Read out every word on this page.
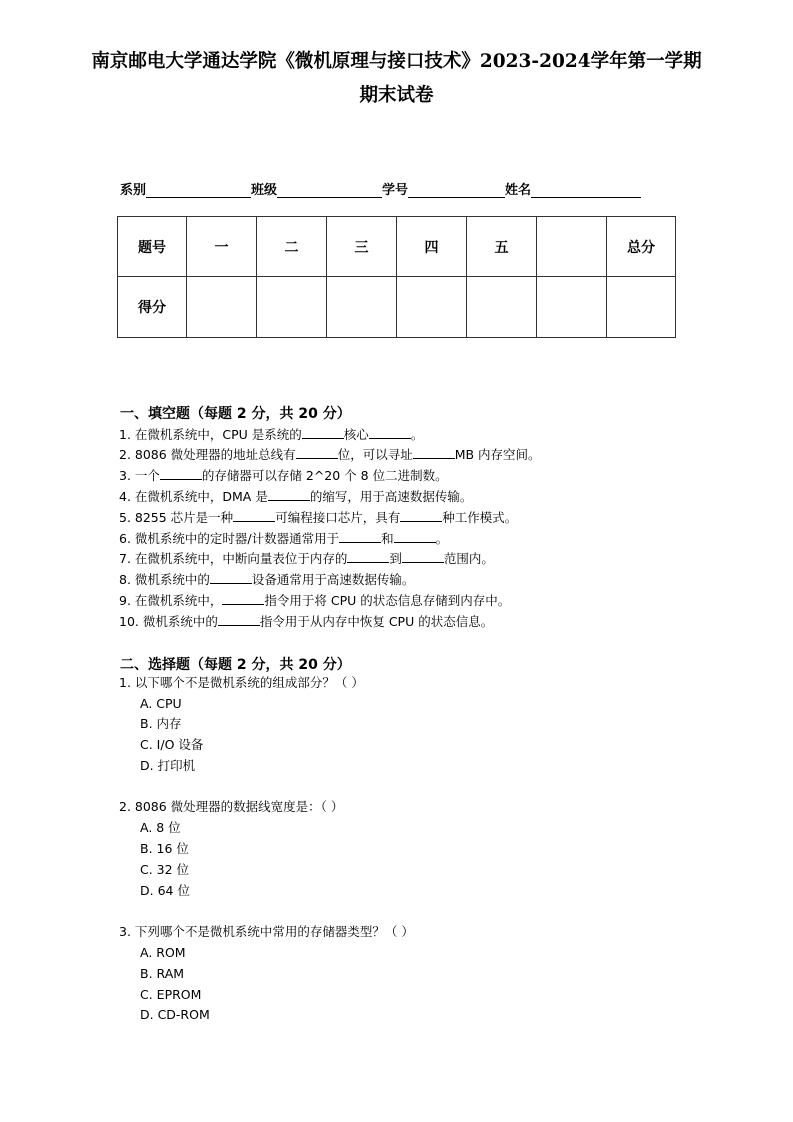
南京邮电大学通达学院《微机原理与接口技术》2023-2024学年第一学期
期末试卷
系别	班级	学号	姓名
题号	一	二	三	四	五		总分
得分							
一、填空题（每题 2 分，共 20 分）
1. 在微机系统中，CPU 是系统的	核心	。
2. 8086 微处理器的地址总线有	位，可以寻址	MB 内存空间。
3. 一个	的存储器可以存储 2^20 个 8 位二进制数。
4. 在微机系统中，DMA 是	的缩写，用于高速数据传输。
5. 8255 芯片是一种	可编程接口芯片，具有	种工作模式。
6. 微机系统中的定时器/计数器通常用于	和	。
7. 在微机系统中，中断向量表位于内存的	到	范围内。
8. 微机系统中的	设备通常用于高速数据传输。
9. 在微机系统中，	指令用于将 CPU 的状态信息存储到内存中。
10. 微机系统中的	指令用于从内存中恢复 CPU 的状态信息。
二、选择题（每题 2 分，共 20 分）
1. 以下哪个不是微机系统的组成部分？（ ）
A. CPU
B. 内存
C. I/O 设备
D. 打印机
2. 8086 微处理器的数据线宽度是：（ ）
A. 8 位
B. 16 位
C. 32 位
D. 64 位
3. 下列哪个不是微机系统中常用的存储器类型？（ ）
A. ROM
B. RAM
C. EPROM
D. CD-ROM
